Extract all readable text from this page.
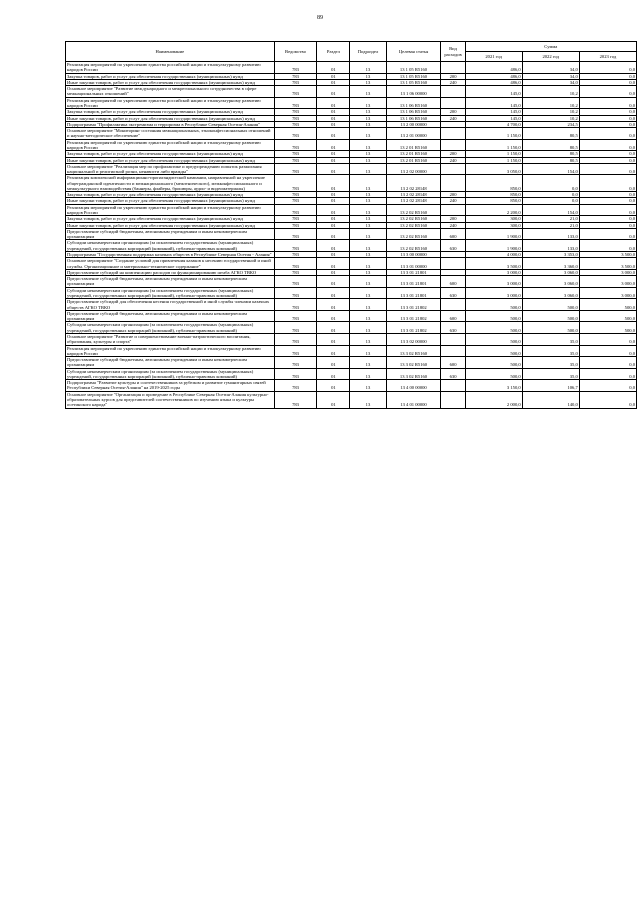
89
Наименование	Ведомство	Раздел	Подраздел	Целевая статья	Вид расходов	Сумма		
						2021 год	2022 год	2023 год
Реализация мероприятий по укреплению единства российской нации и этнокультурному развитию народов России	783	01	13	13 1 05 R5160		486,0	34,0	0,0
Закупка товаров, работ и услуг для обеспечения государственных (муниципальных) нужд	783	01	13	13 1 05 R5160	200	486,0	34,0	0,0
Иные закупки товаров, работ и услуг для обеспечения государственных (муниципальных) нужд	783	01	13	13 1 05 R5160	240	486,0	34,0	0,0
Основное мероприятие "Развитие международного и межрегионального сотрудничества в сфере межнациональных отношений"	783	01	13	13 1 06 00000		145,0	10,2	0,0
Реализация мероприятий по укреплению единства российской нации и этнокультурному развитию народов России	783	01	13	13 1 06 R5160		145,0	10,2	0,0
Закупка товаров, работ и услуг для обеспечения государственных (муниципальных) нужд	783	01	13	13 1 06 R5160	200	145,0	10,2	0,0
Иные закупки товаров, работ и услуг для обеспечения государственных (муниципальных) нужд	783	01	13	13 1 06 R5160	240	145,0	10,2	0,0
Подпрограмма "Профилактика экстремизма и терроризма в Республике Северная Осетия-Алания"	783	01	13	13 2 00 00000		4 700,0	234,5	0,0
Основное мероприятие "Мониторинг состояния межнациональных, этноконфессиональных отношений и научно-методическое обеспечение"	783	01	13	13 2 01 00000		1 150,0	80,5	0,0
Реализация мероприятий по укреплению единства российской нации и этнокультурному развитию народов России	783	01	13	13 2 01 R5160		1 150,0	80,5	0,0
Закупка товаров, работ и услуг для обеспечения государственных (муниципальных) нужд	783	01	13	13 2 01 R5160	200	1 150,0	80,5	0,0
Иные закупки товаров, работ и услуг для обеспечения государственных (муниципальных) нужд	783	01	13	13 2 01 R5160	240	1 150,0	80,5	0,0
Основное мероприятие "Реализация мер по профилактике и предупреждению попыток разжигания национальной и религиозной розни, ненависти либо вражды"	783	01	13	13 2 02 00000		3 050,0	154,0	0,0
Реализация комплексной информационно-пропагандистской кампании, направленной на укрепление общегражданской идентичности и межнационального (межэтнического), межконфессионального и межкультурного взаимодействия (баннеры, флайеры, брошюры, аудио- и видеоматериалы)	783	01	13	13 2 02 28148		850,0	0,0	0,0
Закупка товаров, работ и услуг для обеспечения государственных (муниципальных) нужд	783	01	13	13 2 02 28148	200	850,0	0,0	0,0
Иные закупки товаров, работ и услуг для обеспечения государственных (муниципальных) нужд	783	01	13	13 2 02 28148	240	850,0	0,0	0,0
Реализация мероприятий по укреплению единства российской нации и этнокультурному развитию народов России	783	01	13	13 2 02 R5160		2 200,0	154,0	0,0
Закупка товаров, работ и услуг для обеспечения государственных (муниципальных) нужд	783	01	13	13 2 02 R5160	200	300,0	21,0	0,0
Иные закупки товаров, работ и услуг для обеспечения государственных (муниципальных) нужд	783	01	13	13 2 02 R5160	240	300,0	21,0	0,0
Предоставление субсидий бюджетным, автономным учреждениям и иным некоммерческим организациям	783	01	13	13 2 02 R5160	600	1 900,0	133,0	0,0
Субсидии некоммерческим организациям (за исключением государственных (муниципальных) учреждений, государственных корпораций (компаний), публично-правовых компаний)	783	01	13	13 2 02 R5160	630	1 900,0	133,0	0,0
Подпрограмма "Государственная поддержка казачьих обществ в Республике Северная Осетия - Алания"	783	01	13	13 3 00 00000		4 000,0	3 353,0	3 500,0
Основное мероприятие "Создание условий для привлечения казаков к несению государственной и иной службы. Организационное и материально-техническое содержание"	783	01	13	13 3 01 00000		3 500,0	3 360,0	3 500,0
Предоставление субсидий на компенсацию расходов по функционированию штаба АГКО ТВКО	783	01	13	13 3 01 21801		3 000,0	3 060,0	3 000,0
Предоставление субсидий бюджетным, автономным учреждениям и иным некоммерческим организациям	783	01	13	13 3 01 21801	600	3 000,0	3 060,0	3 000,0
Субсидии некоммерческим организациям (за исключением государственных (муниципальных) учреждений, государственных корпораций (компаний), публично-правовых компаний)	783	01	13	13 3 01 21801	630	3 000,0	3 060,0	3 000,0
Предоставление субсидий для обеспечения несения государственной и иной службы членами казачьих обществ АГКО ТВКО	783	01	13	13 3 01 21802		500,0	500,0	500,0
Предоставление субсидий бюджетным, автономным учреждениям и иным некоммерческим организациям	783	01	13	13 3 01 21802	600	500,0	500,0	500,0
Субсидии некоммерческим организациям (за исключением государственных (муниципальных) учреждений, государственных корпораций (компаний), публично-правовых компаний)	783	01	13	13 3 01 21802	630	500,0	500,0	500,0
Основное мероприятие "Развитие и совершенствование военно-патриотического воспитания, образования, культуры и спорта"	783	01	13	13 3 02 00000		500,0	35,0	0,0
Реализация мероприятий по укреплению единства российской нации и этнокультурному развитию народов России	783	01	13	13 3 02 R5160		500,0	35,0	0,0
Предоставление субсидий бюджетным, автономным учреждениям и иным некоммерческим организациям	783	01	13	13 3 02 R5160	600	500,0	35,0	0,0
Субсидии некоммерческим организациям (за исключением государственных (муниципальных) учреждений, государственных корпораций (компаний), публично-правовых компаний)	783	01	13	13 3 02 R5160	630	500,0	35,0	0,0
Подпрограмма "Развитие культуры и соотечественников за рубежом и развитие гуманитарных связей Республики Северная Осетия-Алания" на 2019-2025 годы	783	01	13	13 4 00 00000		3 150,0	106,7	0,0
Основное мероприятие "Организация и проведение в Республике Северная Осетия-Алания культурно-образовательных курсов для представителей соотечественников по изучению языка и культуры осетинского народа"	783	01	13	13 4 01 00000		2 000,0	140,0	0,0
